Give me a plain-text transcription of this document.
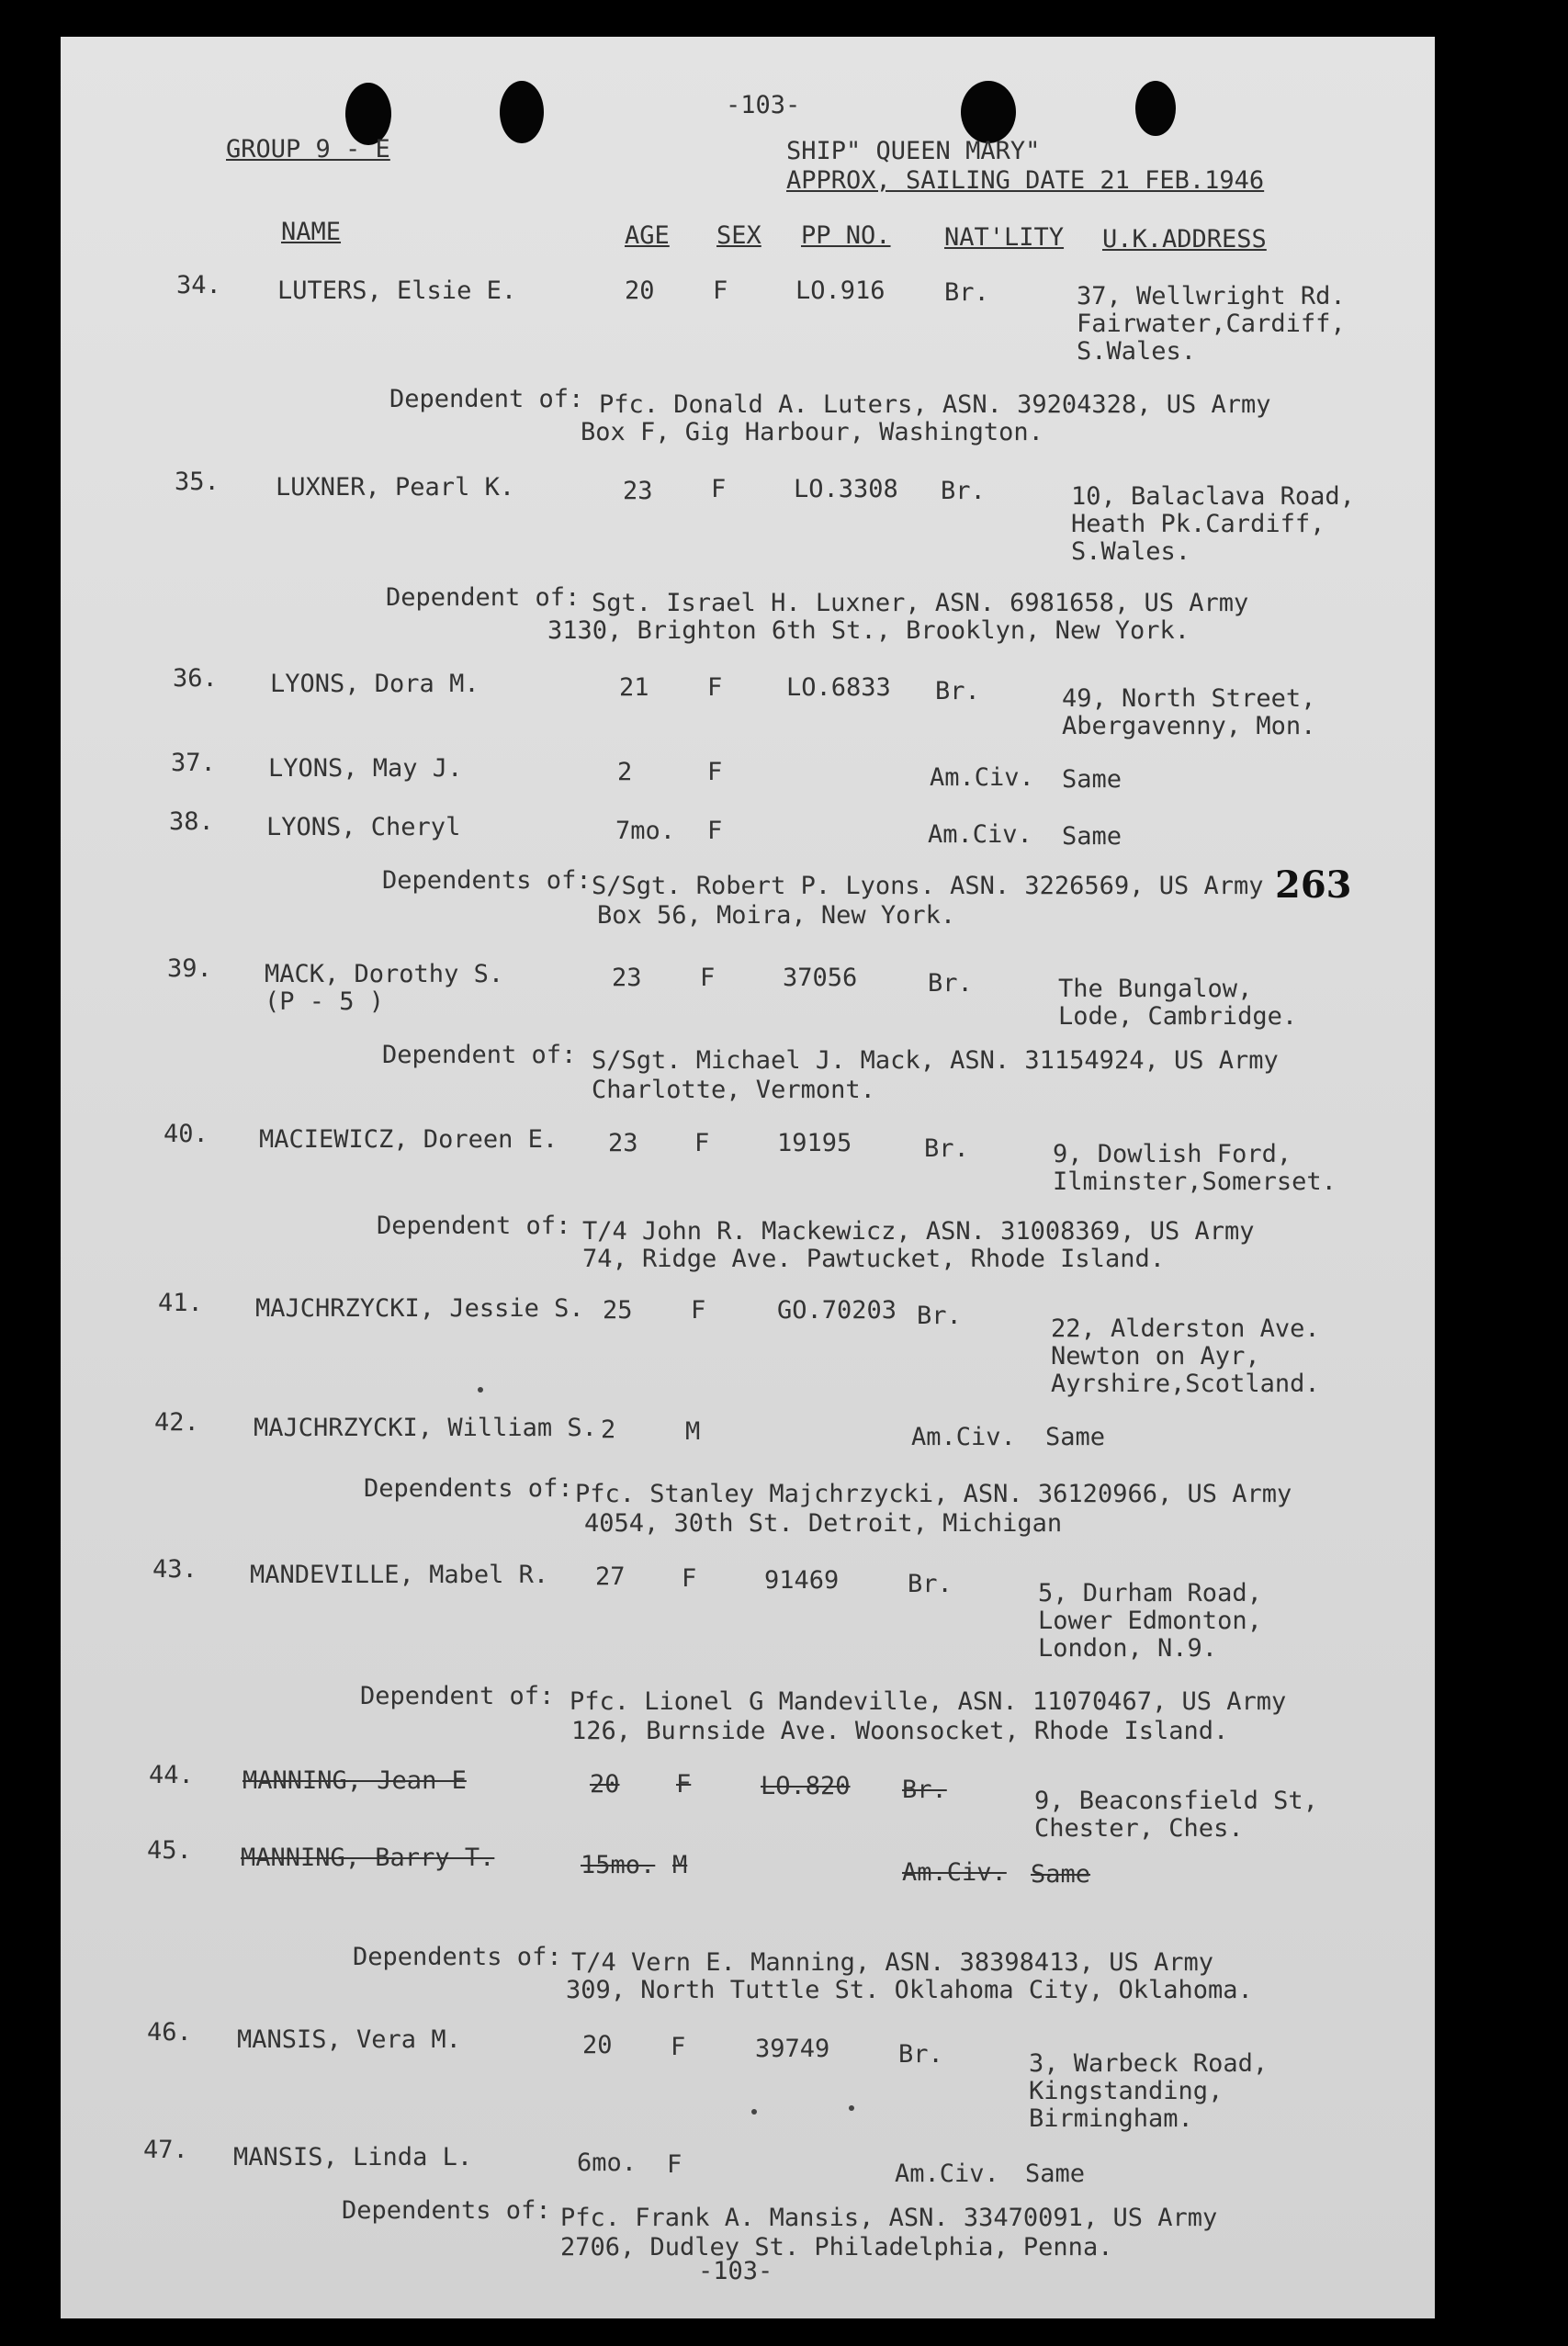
-103-
GROUP 9 - E	SHIP" QUEEN MARY"
APPROX, SAILING DATE 21 FEB.1946
NAME	AGE SEX PP NO. NAT'LITY U.K.ADDRESS
34. LUTERS, Elsie E.	20 F	LO.916 Br.	37, Wellwright Rd.
Fairwater,Cardiff,
S.Wales.
Dependent of: Pfc. Donald A. Luters, ASN. 39204328, US Army
Box F, Gig Harbour, Washington.
35. LUXNER, Pearl K.	23 F	LO.3308 Br.	10, Balaclava Road,
Heath Pk.Cardiff,
S.Wales.
Dependent of: Sgt. Israel H. Luxner, ASN. 6981658, US Army
3130, Brighton 6th St., Brooklyn, New York.
36. LYONS, Dora M.	21 F	LO.6833 Br.	49, North Street,
Abergavenny, Mon.
37. LYONS, May J.	2	F	Am.Civ. Same
38. LYONS, Cheryl	7mo. F	Am.Civ. Same
Dependents of: S/Sgt. Robert P. Lyons. ASN. 3226569, US Army
Box 56, Moira, New York.
263
39. MACK, Dorothy S.
(P - 5 )
23 F	37056	Br.	The Bungalow,
Lode, Cambridge.
Dependent of: S/Sgt. Michael J. Mack, ASN. 31154924, US Army
Charlotte, Vermont.
40. MACIEWICZ, Doreen E. 23 F	19195	Br.	9, Dowlish Ford,
Ilminster,Somerset.
Dependent of: T/4 John R. Mackewicz, ASN. 31008369, US Army
74, Ridge Ave. Pawtucket, Rhode Island.
41. MAJCHRZYCKI, Jessie S. 25 F	GO.70203 Br.	22, Alderston Ave.
Newton on Ayr,
Ayrshire,Scotland.
42. MAJCHRZYCKI, William S. 2	M	Am.Civ. Same
Dependents of: Pfc. Stanley Majchrzycki, ASN. 36120966, US Army
4054, 30th St. Detroit, Michigan
43. MANDEVILLE, Mabel R. 27 F	91469	Br.	5, Durham Road,
Lower Edmonton,
London, N.9.
Dependent of: Pfc. Lionel G Mandeville, ASN. 11070467, US Army
126, Burnside Ave. Woonsocket, Rhode Island.
44. MANNING, Jean E	20 F	LO.820 Br.	9, Beaconsfield St,
Chester, Ches.
45. MANNING, Barry T.	15mo. M	Am.Civ. Same
Dependents of: T/4 Vern E. Manning, ASN. 38398413, US Army
309, North Tuttle St. Oklahoma City, Oklahoma.
46. MANSIS, Vera M.	20 F	39749	Br.	3, Warbeck Road,
Kingstanding,
Birmingham.
47. MANSIS, Linda L.	6mo. F	Am.Civ. Same
Dependents of: Pfc. Frank A. Mansis, ASN. 33470091, US Army
2706, Dudley St. Philadelphia, Penna.
-103-
